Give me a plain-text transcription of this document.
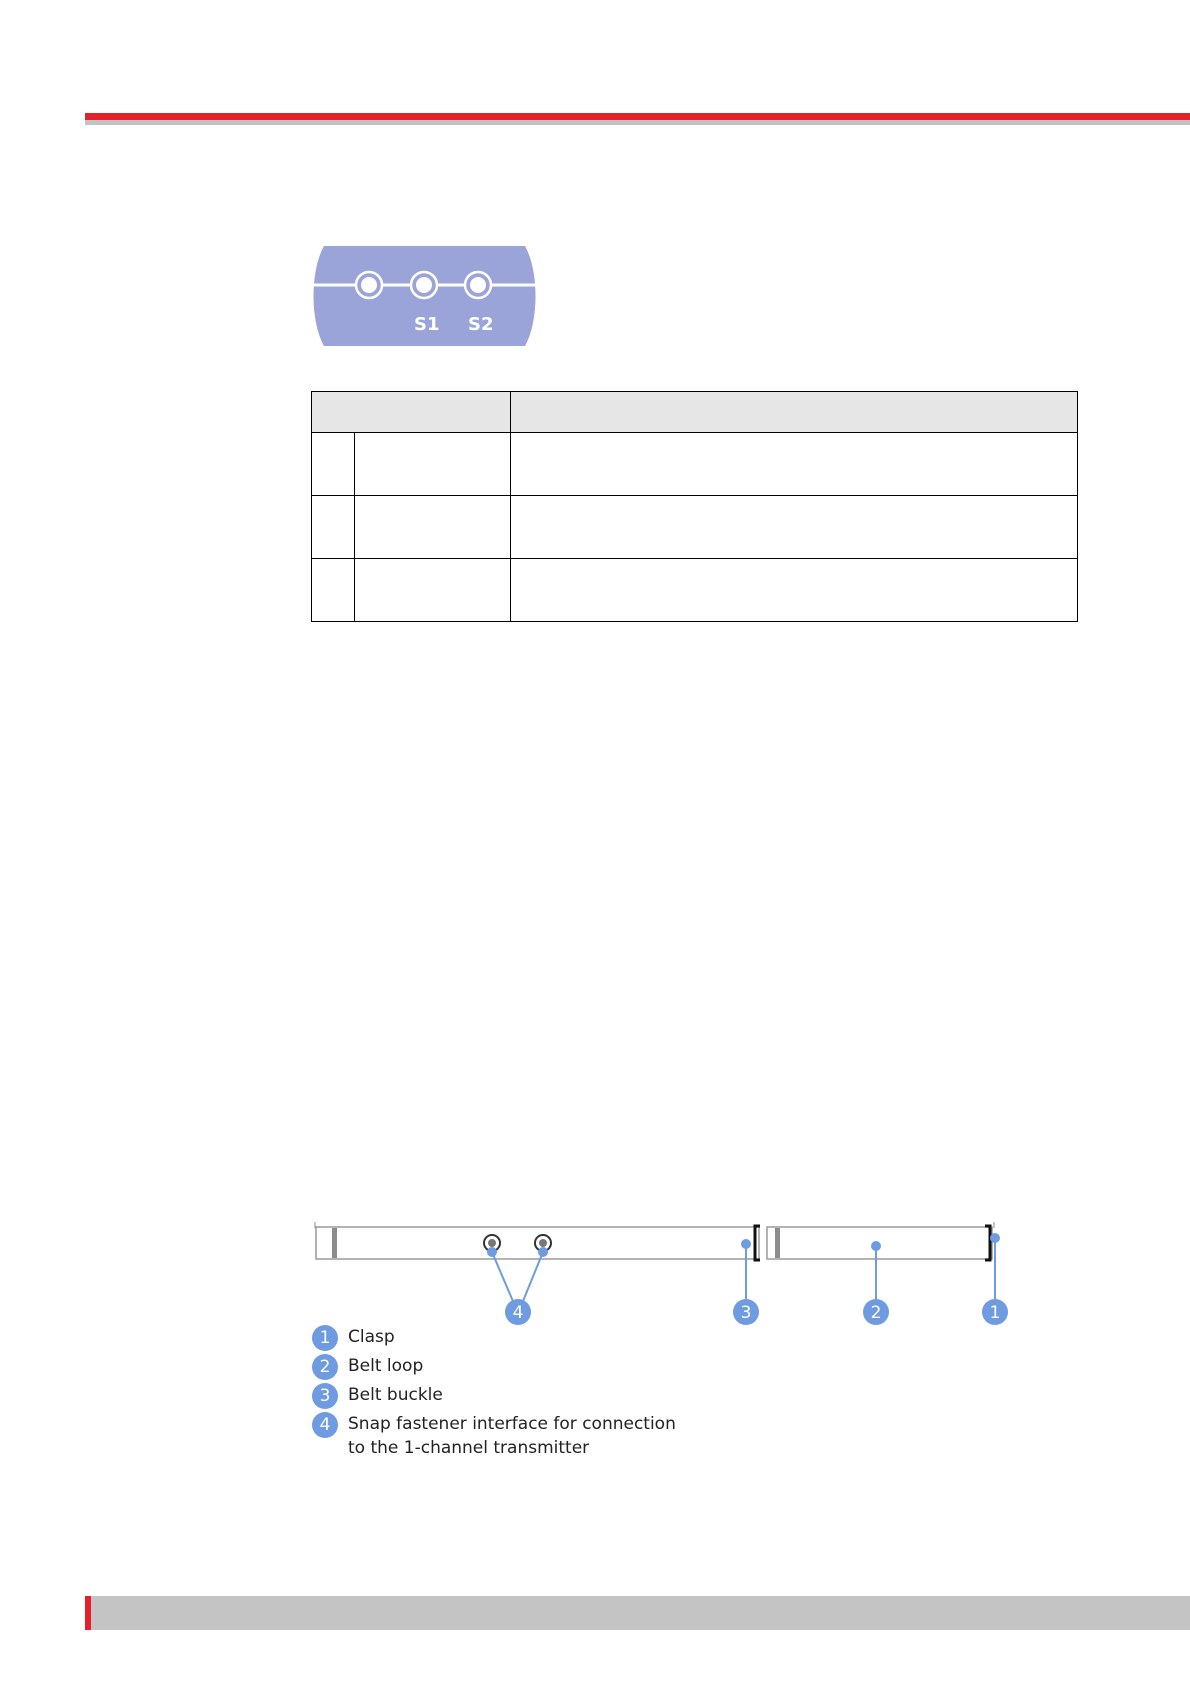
S1 S2

4	3	2	1
1	Clasp
2	Belt loop
3	Belt buckle
4	Snap fastener interface for connection
to the 1-channel transmitter
